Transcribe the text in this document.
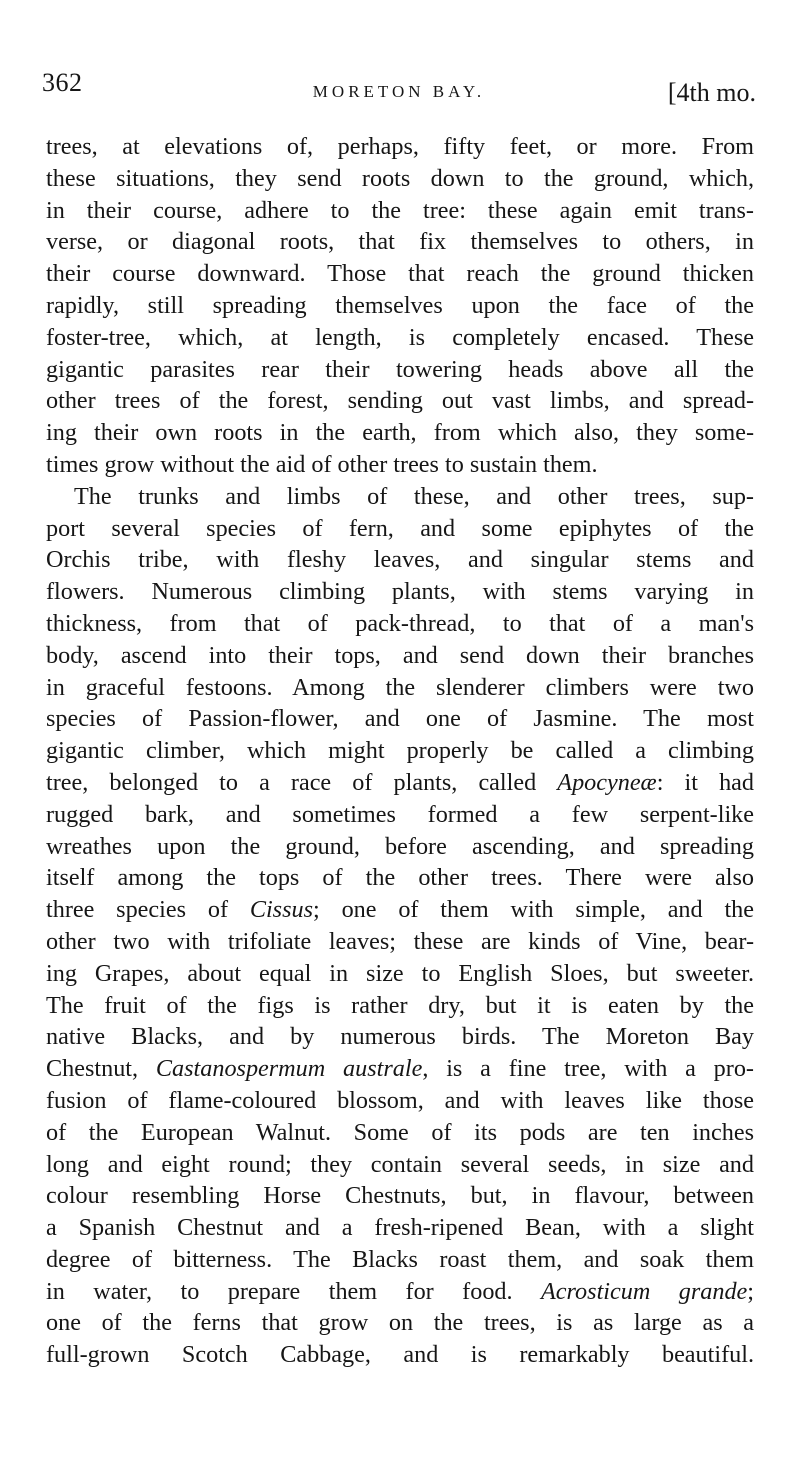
362	MORETON BAY.	[4th mo.
trees, at elevations of, perhaps, fifty feet, or more. From
these situations, they send roots down to the ground, which,
in their course, adhere to the tree: these again emit trans-
verse, or diagonal roots, that fix themselves to others, in
their course downward. Those that reach the ground thicken
rapidly, still spreading themselves upon the face of the
foster-tree, which, at length, is completely encased. These
gigantic parasites rear their towering heads above all the
other trees of the forest, sending out vast limbs, and spread-
ing their own roots in the earth, from which also, they some-
times grow without the aid of other trees to sustain them.
The trunks and limbs of these, and other trees, sup-
port several species of fern, and some epiphytes of the
Orchis tribe, with fleshy leaves, and singular stems and
flowers. Numerous climbing plants, with stems varying in
thickness, from that of pack-thread, to that of a man's
body, ascend into their tops, and send down their branches
in graceful festoons. Among the slenderer climbers were two
species of Passion-flower, and one of Jasmine. The most
gigantic climber, which might properly be called a climbing
tree, belonged to a race of plants, called Apocyneæ: it had
rugged bark, and sometimes formed a few serpent-like
wreathes upon the ground, before ascending, and spreading
itself among the tops of the other trees. There were also
three species of Cissus; one of them with simple, and the
other two with trifoliate leaves; these are kinds of Vine, bear-
ing Grapes, about equal in size to English Sloes, but sweeter.
The fruit of the figs is rather dry, but it is eaten by the
native Blacks, and by numerous birds. The Moreton Bay
Chestnut, Castanospermum australe, is a fine tree, with a pro-
fusion of flame-coloured blossom, and with leaves like those
of the European Walnut. Some of its pods are ten inches
long and eight round; they contain several seeds, in size and
colour resembling Horse Chestnuts, but, in flavour, between
a Spanish Chestnut and a fresh-ripened Bean, with a slight
degree of bitterness. The Blacks roast them, and soak them
in water, to prepare them for food. Acrosticum grande;
one of the ferns that grow on the trees, is as large as a
full-grown Scotch Cabbage, and is remarkably beautiful.
